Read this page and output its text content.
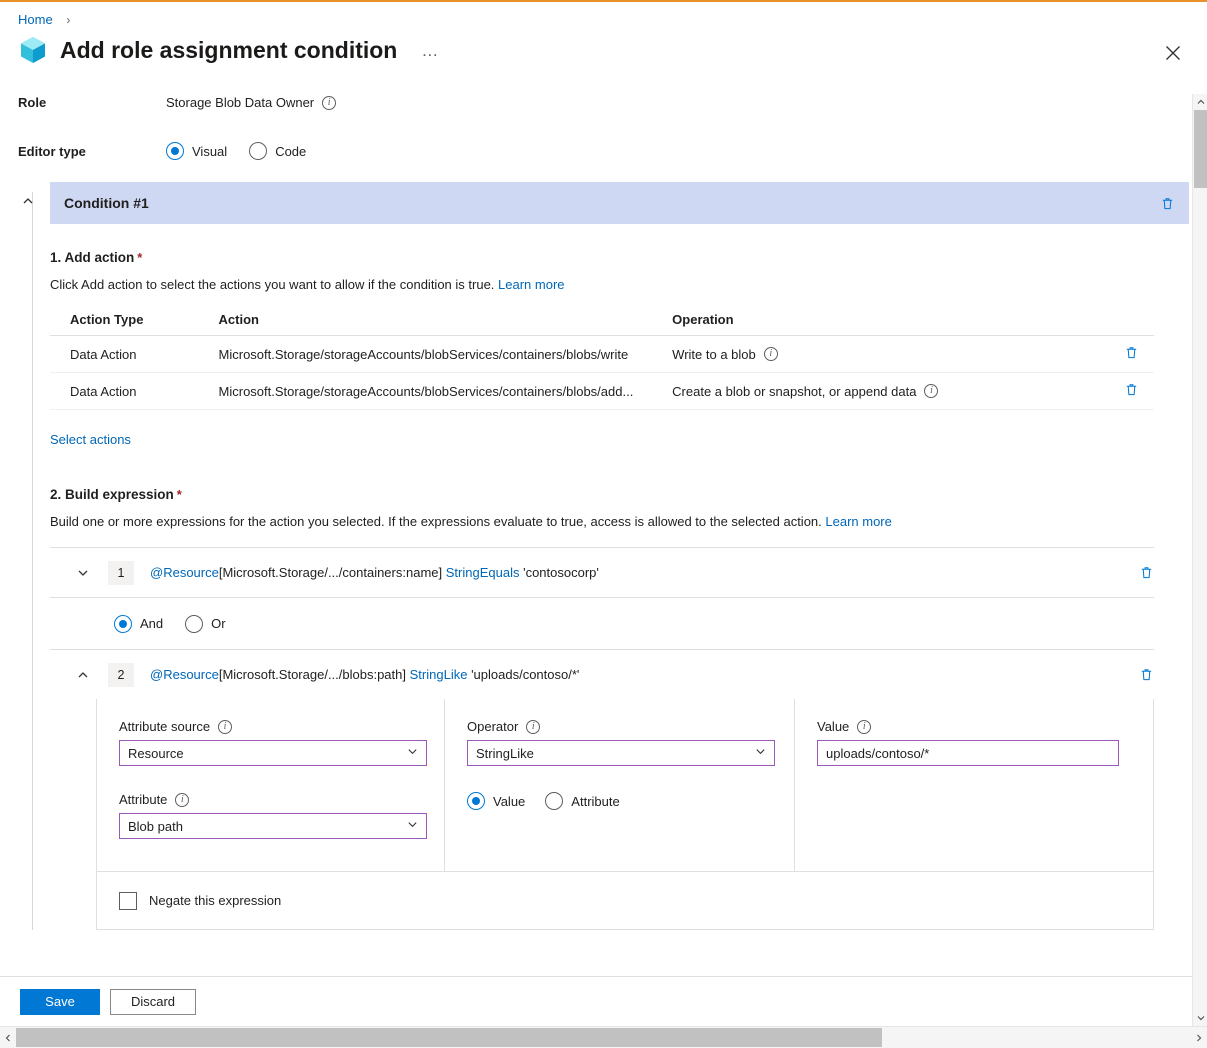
Home ›
Add role assignment condition	…
Role	Storage Blob Data Owner	i
Editor type	Visual	Code
Condition #1
1. Add action *
Click Add action to select the actions you want to allow if the condition is true. Learn more
Action Type	Action	Operation	
Data Action	Microsoft.Storage/storageAccounts/blobServices/containers/blobs/write	Write to a blob i

Data Action	Microsoft.Storage/storageAccounts/blobServices/containers/blobs/add...	Create a blob or snapshot, or append data i

Select actions
2. Build expression *
Build one or more expressions for the action you selected. If the expressions evaluate to true, access is allowed to the selected action. Learn more
1	@Resource[Microsoft.Storage/.../containers:name] StringEquals 'contosocorp'
And	Or
2	@Resource[Microsoft.Storage/.../blobs:path] StringLike 'uploads/contoso/*'
Attribute source	i
Resource
Attribute	i
Blob path
Operator	i
StringLike
Value	Attribute
Value	i
uploads/contoso/*
Negate this expression
Save	Discard
